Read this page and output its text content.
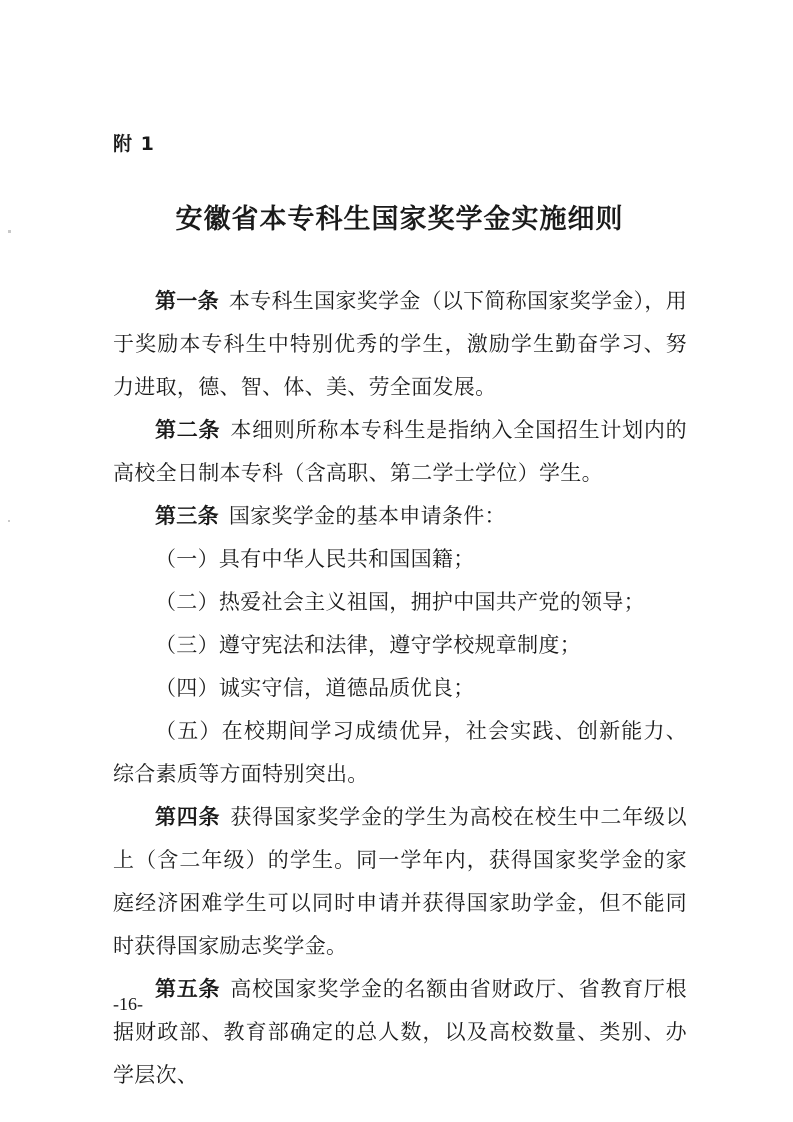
附 1
安徽省本专科生国家奖学金实施细则

第一条 本专科生国家奖学金（以下简称国家奖学金），用于奖励本专科生中特别优秀的学生，激励学生勤奋学习、努力进取，德、智、体、美、劳全面发展。

第二条 本细则所称本专科生是指纳入全国招生计划内的高校全日制本专科（含高职、第二学士学位）学生。

第三条 国家奖学金的基本申请条件：

（一）具有中华人民共和国国籍；

（二）热爱社会主义祖国，拥护中国共产党的领导；

（三）遵守宪法和法律，遵守学校规章制度；

（四）诚实守信，道德品质优良；

（五）在校期间学习成绩优异，社会实践、创新能力、综合素质等方面特别突出。

第四条 获得国家奖学金的学生为高校在校生中二年级以上（含二年级）的学生。同一学年内，获得国家奖学金的家庭经济困难学生可以同时申请并获得国家助学金，但不能同时获得国家励志奖学金。

第五条 高校国家奖学金的名额由省财政厅、省教育厅根据财政部、教育部确定的总人数，以及高校数量、类别、办学层次、

-16-
